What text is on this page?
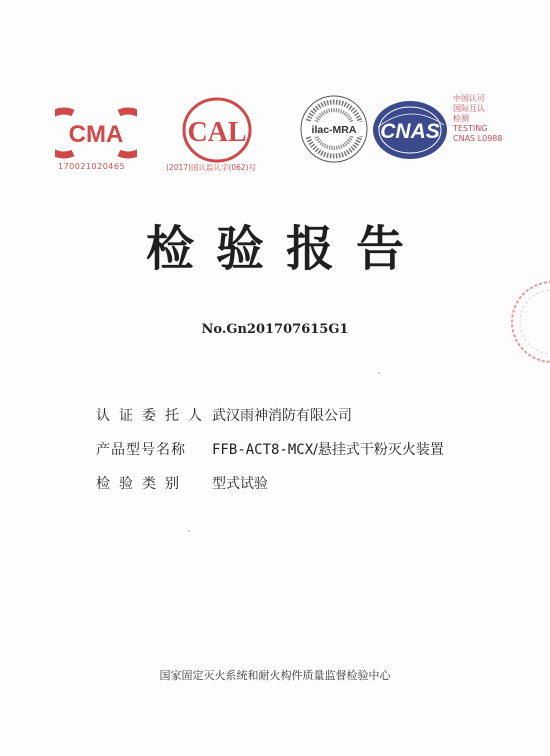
CMA
170021020465
CAL
(2017)国认监认字(062)号
ilac-MRA CNAS
中国认可
国际互认
检测
TESTING
CNAS L0988
检验报告
No.Gn201707615G1
认证委托人 武汉雨神消防有限公司
产品型号名称	FFB-ACT8-MCX/悬挂式干粉灭火装置
检验类别	型式试验
国家固定灭火系统和耐火构件质量监督检验中心
